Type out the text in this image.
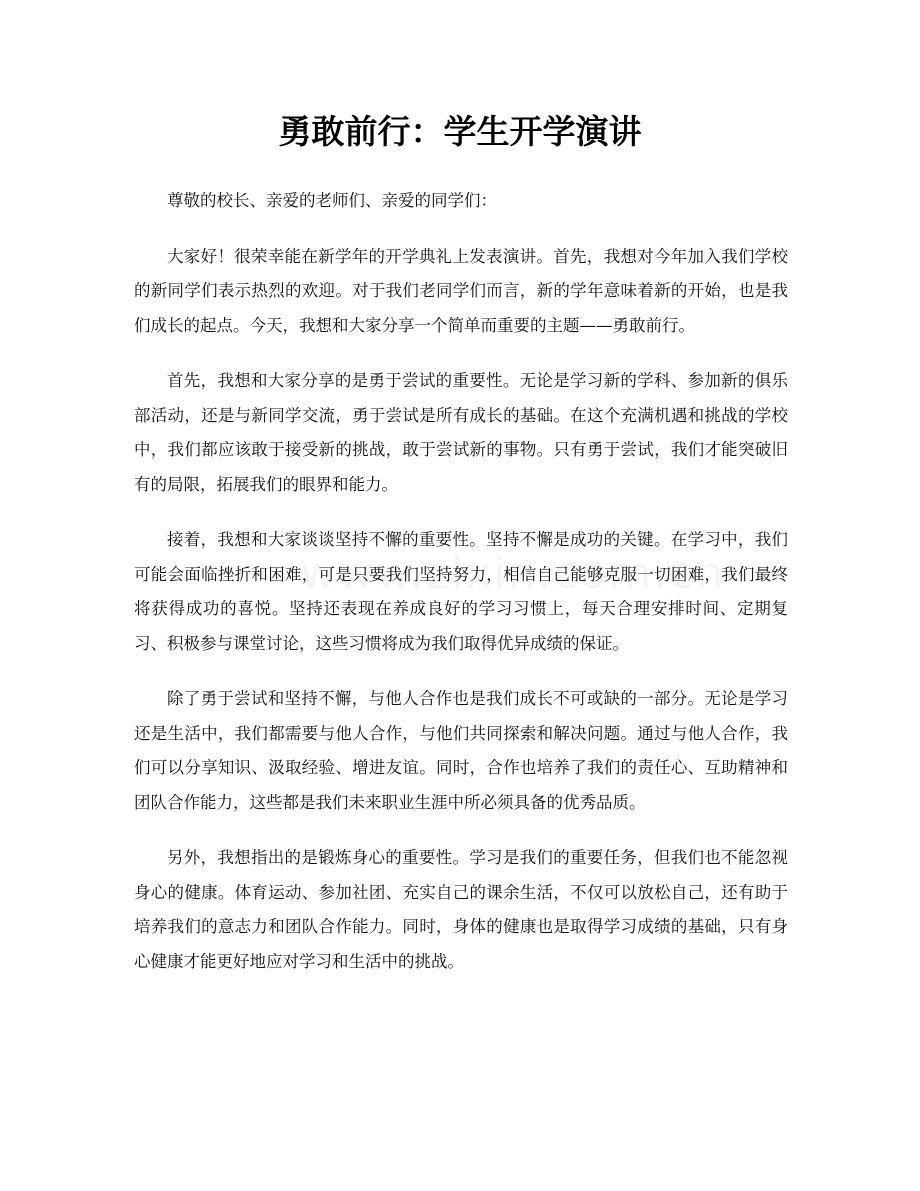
勇敢前行：学生开学演讲

尊敬的校长、亲爱的老师们、亲爱的同学们：

大家好！很荣幸能在新学年的开学典礼上发表演讲。首先，我想对今年加入我们学校的新同学们表示热烈的欢迎。对于我们老同学们而言，新的学年意味着新的开始，也是我们成长的起点。今天，我想和大家分享一个简单而重要的主题——勇敢前行。

首先，我想和大家分享的是勇于尝试的重要性。无论是学习新的学科、参加新的俱乐部活动，还是与新同学交流，勇于尝试是所有成长的基础。在这个充满机遇和挑战的学校中，我们都应该敢于接受新的挑战，敢于尝试新的事物。只有勇于尝试，我们才能突破旧有的局限，拓展我们的眼界和能力。

接着，我想和大家谈谈坚持不懈的重要性。坚持不懈是成功的关键。在学习中，我们可能会面临挫折和困难，可是只要我们坚持努力，相信自己能够克服一切困难，我们最终将获得成功的喜悦。坚持还表现在养成良好的学习习惯上，每天合理安排时间、定期复习、积极参与课堂讨论，这些习惯将成为我们取得优异成绩的保证。

除了勇于尝试和坚持不懈，与他人合作也是我们成长不可或缺的一部分。无论是学习还是生活中，我们都需要与他人合作，与他们共同探索和解决问题。通过与他人合作，我们可以分享知识、汲取经验、增进友谊。同时，合作也培养了我们的责任心、互助精神和团队合作能力，这些都是我们未来职业生涯中所必须具备的优秀品质。

另外，我想指出的是锻炼身心的重要性。学习是我们的重要任务，但我们也不能忽视身心的健康。体育运动、参加社团、充实自己的课余生活，不仅可以放松自己，还有助于培养我们的意志力和团队合作能力。同时，身体的健康也是取得学习成绩的基础，只有身心健康才能更好地应对学习和生活中的挑战。
